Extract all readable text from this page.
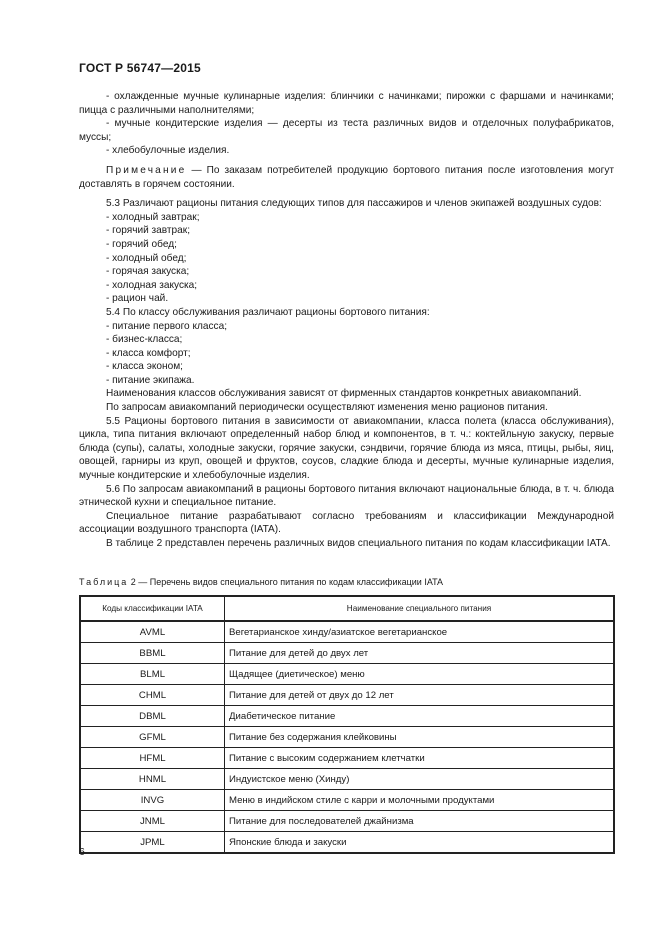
ГОСТ Р 56747—2015

- охлажденные мучные кулинарные изделия: блинчики с начинками; пирожки с фаршами и начинками; пицца с различными наполнителями;

- мучные кондитерские изделия — десерты из теста различных видов и отделочных полуфабрикатов, муссы;

- хлебобулочные изделия.

Примечание — По заказам потребителей продукцию бортового питания после изготовления могут доставлять в горячем состоянии.

5.3 Различают рационы питания следующих типов для пассажиров и членов экипажей воздушных судов:

- холодный завтрак;

- горячий завтрак;

- горячий обед;

- холодный обед;

- горячая закуска;

- холодная закуска;

- рацион чай.

5.4 По классу обслуживания различают рационы бортового питания:

- питание первого класса;

- бизнес-класса;

- класса комфорт;

- класса эконом;

- питание экипажа.

Наименования классов обслуживания зависят от фирменных стандартов конкретных авиакомпаний.

По запросам авиакомпаний периодически осуществляют изменения меню рационов питания.

5.5 Рационы бортового питания в зависимости от авиакомпании, класса полета (класса обслуживания), цикла, типа питания включают определенный набор блюд и компонентов, в т. ч.: коктейльную закуску, первые блюда (супы), салаты, холодные закуски, горячие закуски, сэндвичи, горячие блюда из мяса, птицы, рыбы, яиц, овощей, гарниры из круп, овощей и фруктов, соусов, сладкие блюда и десерты, мучные кулинарные изделия, мучные кондитерские и хлебобулочные изделия.

5.6 По запросам авиакомпаний в рационы бортового питания включают национальные блюда, в т. ч. блюда этнической кухни и специальное питание.

Специальное питание разрабатывают согласно требованиям и классификации Международной ассоциации воздушного транспорта (IATA).

В таблице 2 представлен перечень различных видов специального питания по кодам классификации IATA.

Таблица 2 — Перечень видов специального питания по кодам классификации IATA
Коды классификации IATA	Наименование специального питания
AVML	Вегетарианское хинду/азиатское вегетарианское
BBML	Питание для детей до двух лет
BLML	Щадящее (диетическое) меню
CHML	Питание для детей от двух до 12 лет
DBML	Диабетическое питание
GFML	Питание без содержания клейковины
HFML	Питание с высоким содержанием клетчатки
HNML	Индуистское меню (Хинду)
INVG	Меню в индийском стиле с карри и молочными продуктами
JNML	Питание для последователей джайнизма
JPML	Японские блюда и закуски
6
